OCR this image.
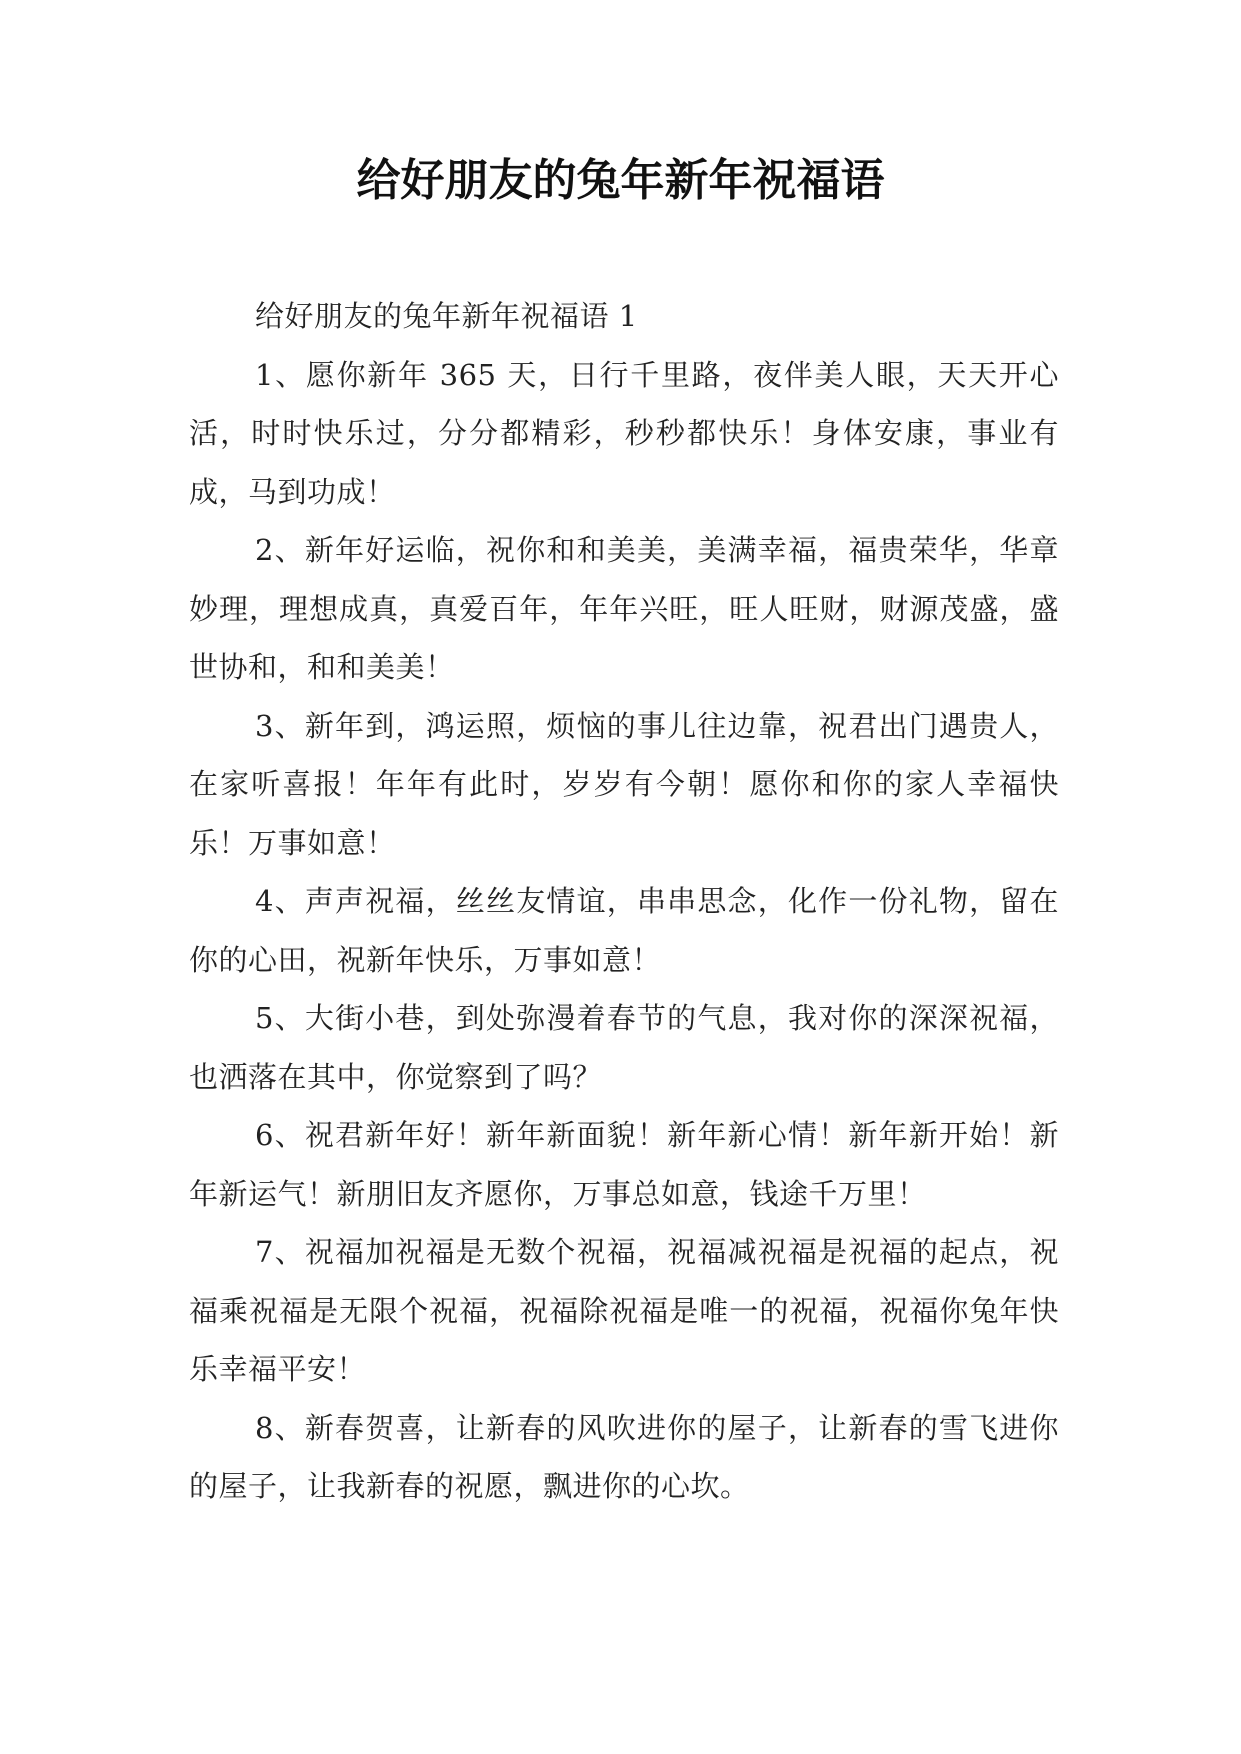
给好朋友的兔年新年祝福语

给好朋友的兔年新年祝福语 1

1、愿你新年 365 天，日行千里路，夜伴美人眼，天天开心活，时时快乐过，分分都精彩，秒秒都快乐！身体安康，事业有成，马到功成！

2、新年好运临，祝你和和美美，美满幸福，福贵荣华，华章妙理，理想成真，真爱百年，年年兴旺，旺人旺财，财源茂盛，盛世协和，和和美美！

3、新年到，鸿运照，烦恼的事儿往边靠，祝君出门遇贵人，在家听喜报！年年有此时，岁岁有今朝！愿你和你的家人幸福快乐！万事如意！

4、声声祝福，丝丝友情谊，串串思念，化作一份礼物，留在你的心田，祝新年快乐，万事如意！

5、大街小巷，到处弥漫着春节的气息，我对你的深深祝福，也洒落在其中，你觉察到了吗？

6、祝君新年好！新年新面貌！新年新心情！新年新开始！新年新运气！新朋旧友齐愿你，万事总如意，钱途千万里！

7、祝福加祝福是无数个祝福，祝福减祝福是祝福的起点，祝福乘祝福是无限个祝福，祝福除祝福是唯一的祝福，祝福你兔年快乐幸福平安！

8、新春贺喜，让新春的风吹进你的屋子，让新春的雪飞进你的屋子，让我新春的祝愿，飘进你的心坎。
